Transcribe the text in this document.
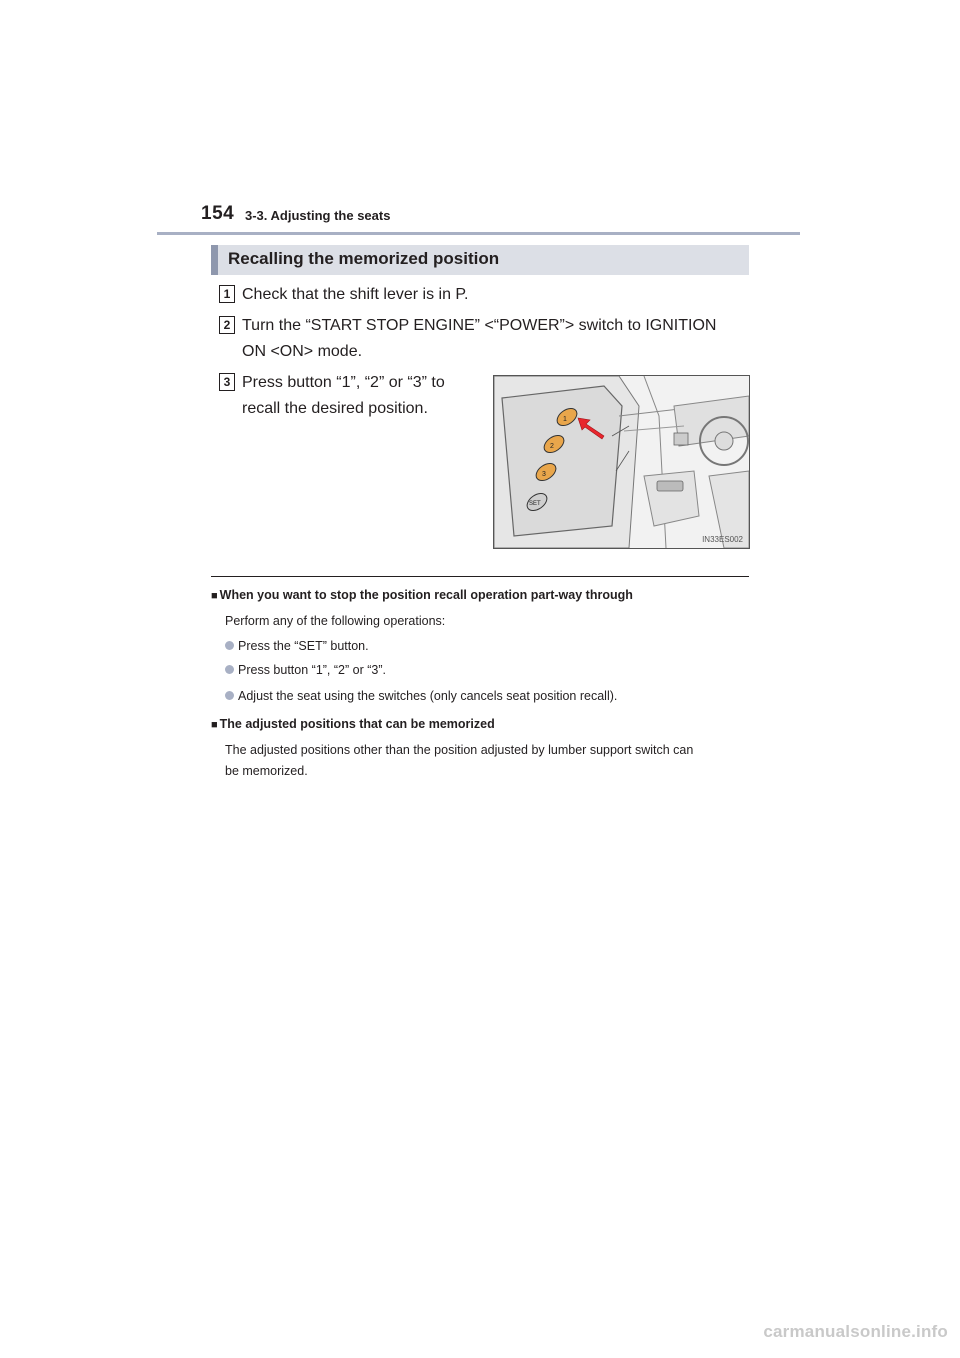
154 3-3. Adjusting the seats
Recalling the memorized position
1 Check that the shift lever is in P.
2 Turn the “START STOP ENGINE” <“POWER”> switch to IGNITION
ON <ON> mode.
3 Press button “1”, “2” or “3” to
recall the desired position.
1
2
3
SET
IN33ES002
■ When you want to stop the position recall operation part-way through
Perform any of the following operations:
Press the “SET” button.
Press button “1”, “2” or “3”.
Adjust the seat using the switches (only cancels seat position recall).
■ The adjusted positions that can be memorized
The adjusted positions other than the position adjusted by lumber support switch can
be memorized.
carmanualsonline.info
